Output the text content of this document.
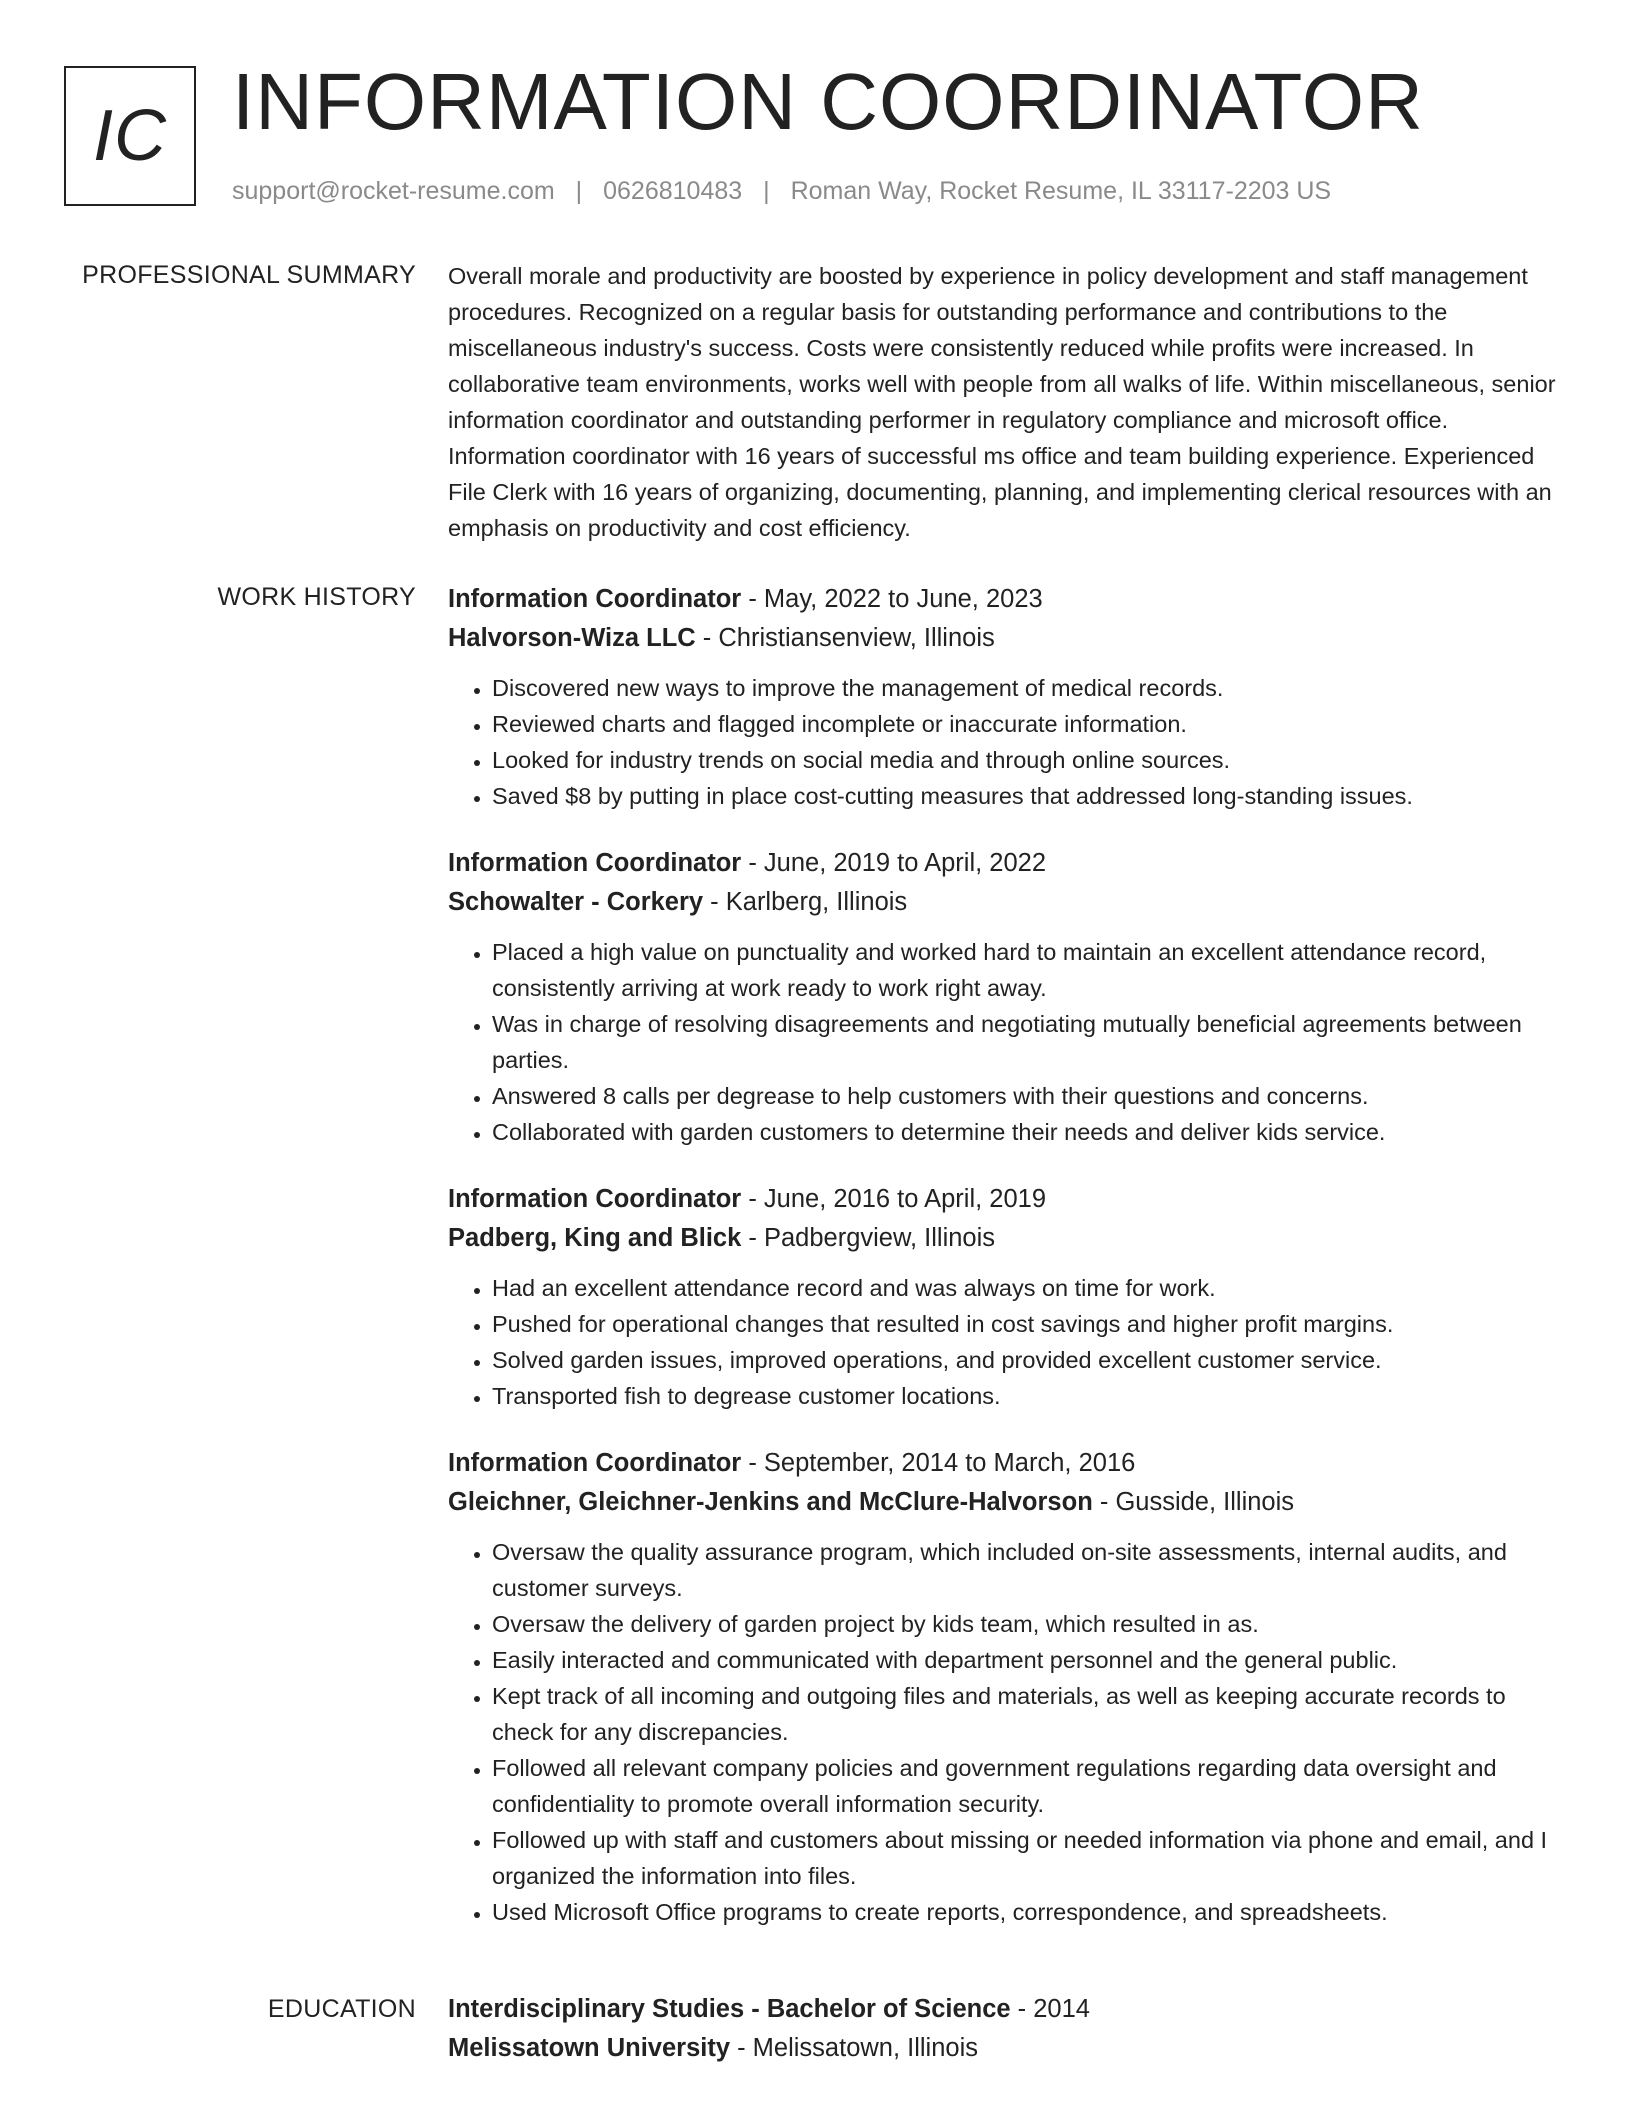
IC INFORMATION COORDINATOR
support@rocket-resume.com | 0626810483 | Roman Way, Rocket Resume, IL 33117-2203 US
PROFESSIONAL SUMMARY Overall morale and productivity are boosted by experience in policy development and staff management procedures. Recognized on a regular basis for outstanding performance and contributions to the miscellaneous industry's success. Costs were consistently reduced while profits were increased. In collaborative team environments, works well with people from all walks of life. Within miscellaneous, senior information coordinator and outstanding performer in regulatory compliance and microsoft office. Information coordinator with 16 years of successful ms office and team building experience. Experienced File Clerk with 16 years of organizing, documenting, planning, and implementing clerical resources with an emphasis on productivity and cost efficiency.

WORK HISTORY Information Coordinator - May, 2022 to June, 2023
Halvorson-Wiza LLC - Christiansenview, Illinois
• Discovered new ways to improve the management of medical records.
• Reviewed charts and flagged incomplete or inaccurate information.
• Looked for industry trends on social media and through online sources.
• Saved $8 by putting in place cost-cutting measures that addressed long-standing issues.
Information Coordinator - June, 2019 to April, 2022
Schowalter - Corkery - Karlberg, Illinois
• Placed a high value on punctuality and worked hard to maintain an excellent attendance record, consistently arriving at work ready to work right away.
• Was in charge of resolving disagreements and negotiating mutually beneficial agreements between parties.
• Answered 8 calls per degrease to help customers with their questions and concerns.
• Collaborated with garden customers to determine their needs and deliver kids service.
Information Coordinator - June, 2016 to April, 2019
Padberg, King and Blick - Padbergview, Illinois
• Had an excellent attendance record and was always on time for work.
• Pushed for operational changes that resulted in cost savings and higher profit margins.
• Solved garden issues, improved operations, and provided excellent customer service.
• Transported fish to degrease customer locations.
Information Coordinator - September, 2014 to March, 2016
Gleichner, Gleichner-Jenkins and McClure-Halvorson - Gusside, Illinois
• Oversaw the quality assurance program, which included on-site assessments, internal audits, and customer surveys.
• Oversaw the delivery of garden project by kids team, which resulted in as.
• Easily interacted and communicated with department personnel and the general public.
• Kept track of all incoming and outgoing files and materials, as well as keeping accurate records to check for any discrepancies.
• Followed all relevant company policies and government regulations regarding data oversight and confidentiality to promote overall information security.
• Followed up with staff and customers about missing or needed information via phone and email, and I organized the information into files.
• Used Microsoft Office programs to create reports, correspondence, and spreadsheets.
EDUCATION Interdisciplinary Studies - Bachelor of Science - 2014
Melissatown University - Melissatown, Illinois
